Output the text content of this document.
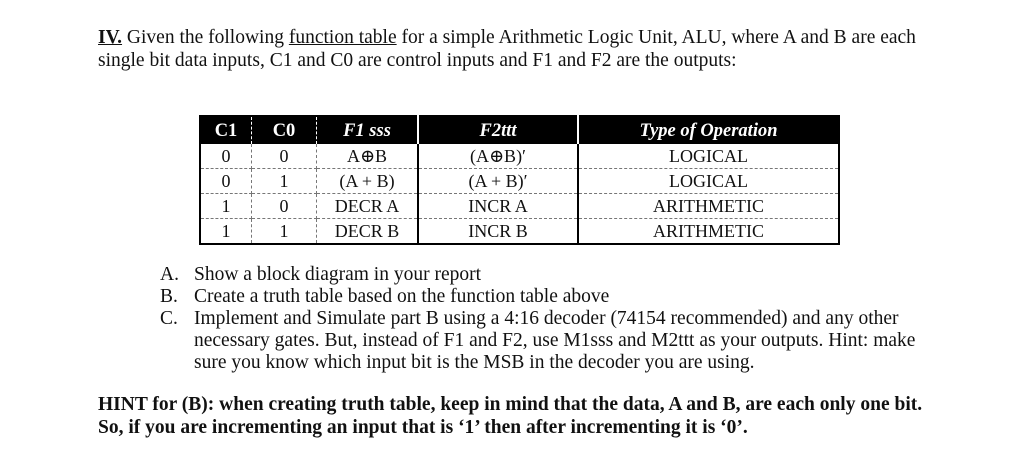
IV. Given the following function table for a simple Arithmetic Logic Unit, ALU, where A and B are each single bit data inputs, C1 and C0 are control inputs and F1 and F2 are the outputs:
C1	C0	F1 sss	F2ttt	Type of Operation
0	0	A⊕B	(A⊕B)′	LOGICAL
0	1	(A + B)	(A + B)′	LOGICAL
1	0	DECR A	INCR A	ARITHMETIC
1	1	DECR B	INCR B	ARITHMETIC
A. Show a block diagram in your report
B. Create a truth table based on the function table above
C. Implement and Simulate part B using a 4:16 decoder (74154 recommended) and any other necessary gates. But, instead of F1 and F2, use M1sss and M2ttt as your outputs. Hint: make sure you know which input bit is the MSB in the decoder you are using.
HINT for (B): when creating truth table, keep in mind that the data, A and B, are each only one bit. So, if you are incrementing an input that is ‘1’ then after incrementing it is ‘0’.
